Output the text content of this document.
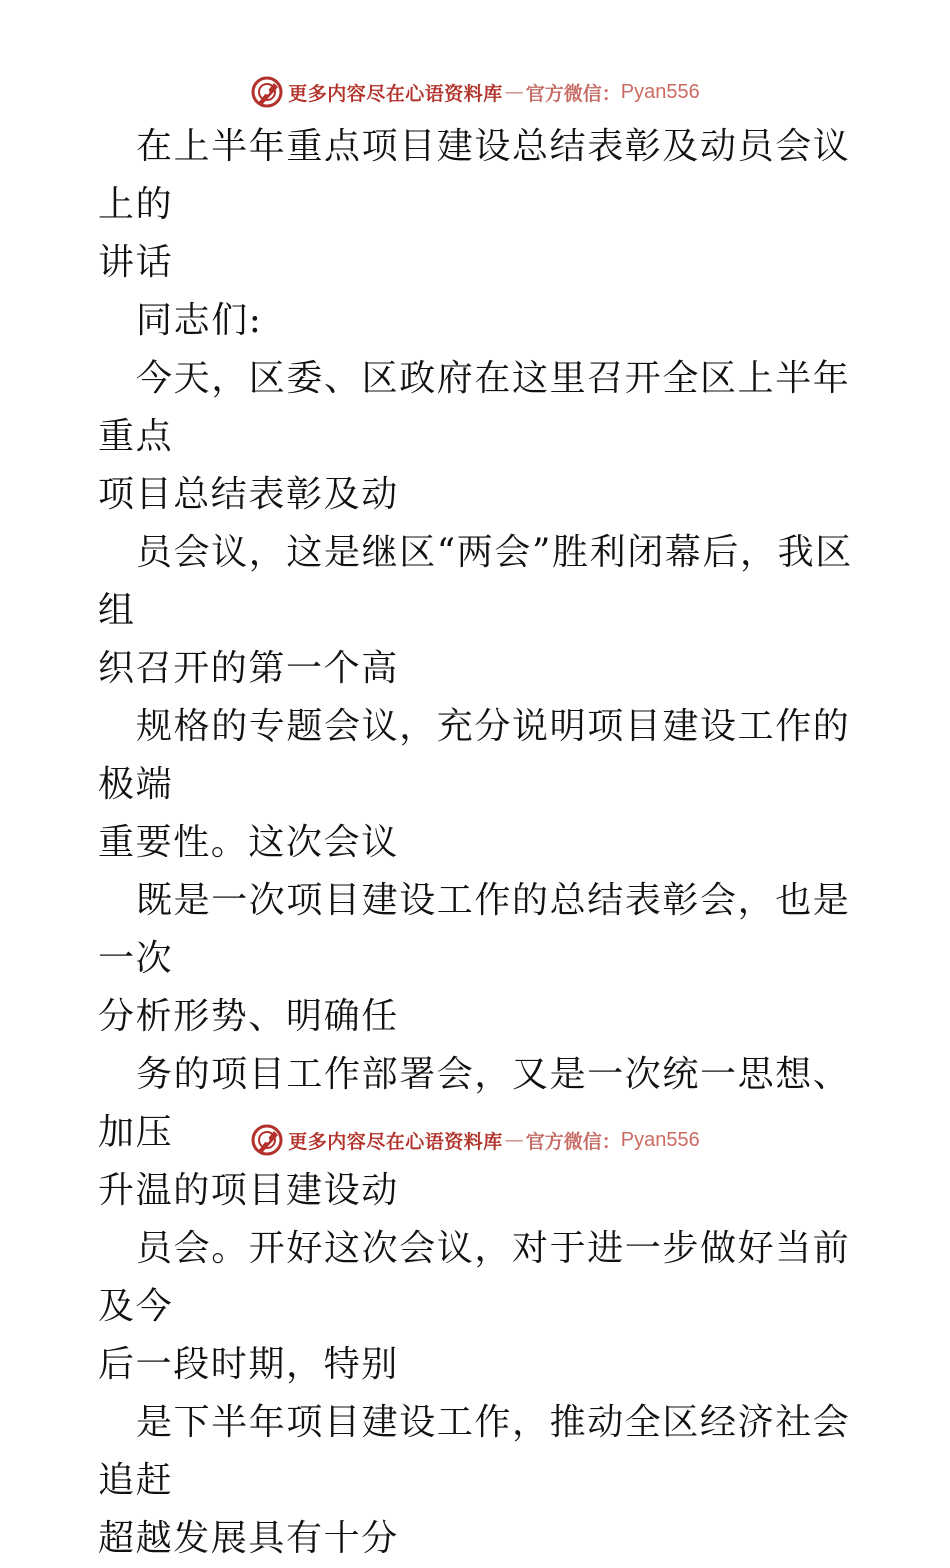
更多内容尽在心语资料库 — 官方微信： Pyan556

在上半年重点项目建设总结表彰及动员会议上的
讲话

同志们:

今天，区委、区政府在这里召开全区上半年重点
项目总结表彰及动

员会议，这是继区“两会”胜利闭幕后，我区组
织召开的第一个高

规格的专题会议，充分说明项目建设工作的极端
重要性。这次会议

既是一次项目建设工作的总结表彰会，也是一次
分析形势、明确任

务的项目工作部署会，又是一次统一思想、加压
升温的项目建设动

员会。开好这次会议，对于进一步做好当前及今
后一段时期，特别

是下半年项目建设工作，推动全区经济社会追赶
超越发展具有十分

更多内容尽在心语资料库 — 官方微信： Pyan556
